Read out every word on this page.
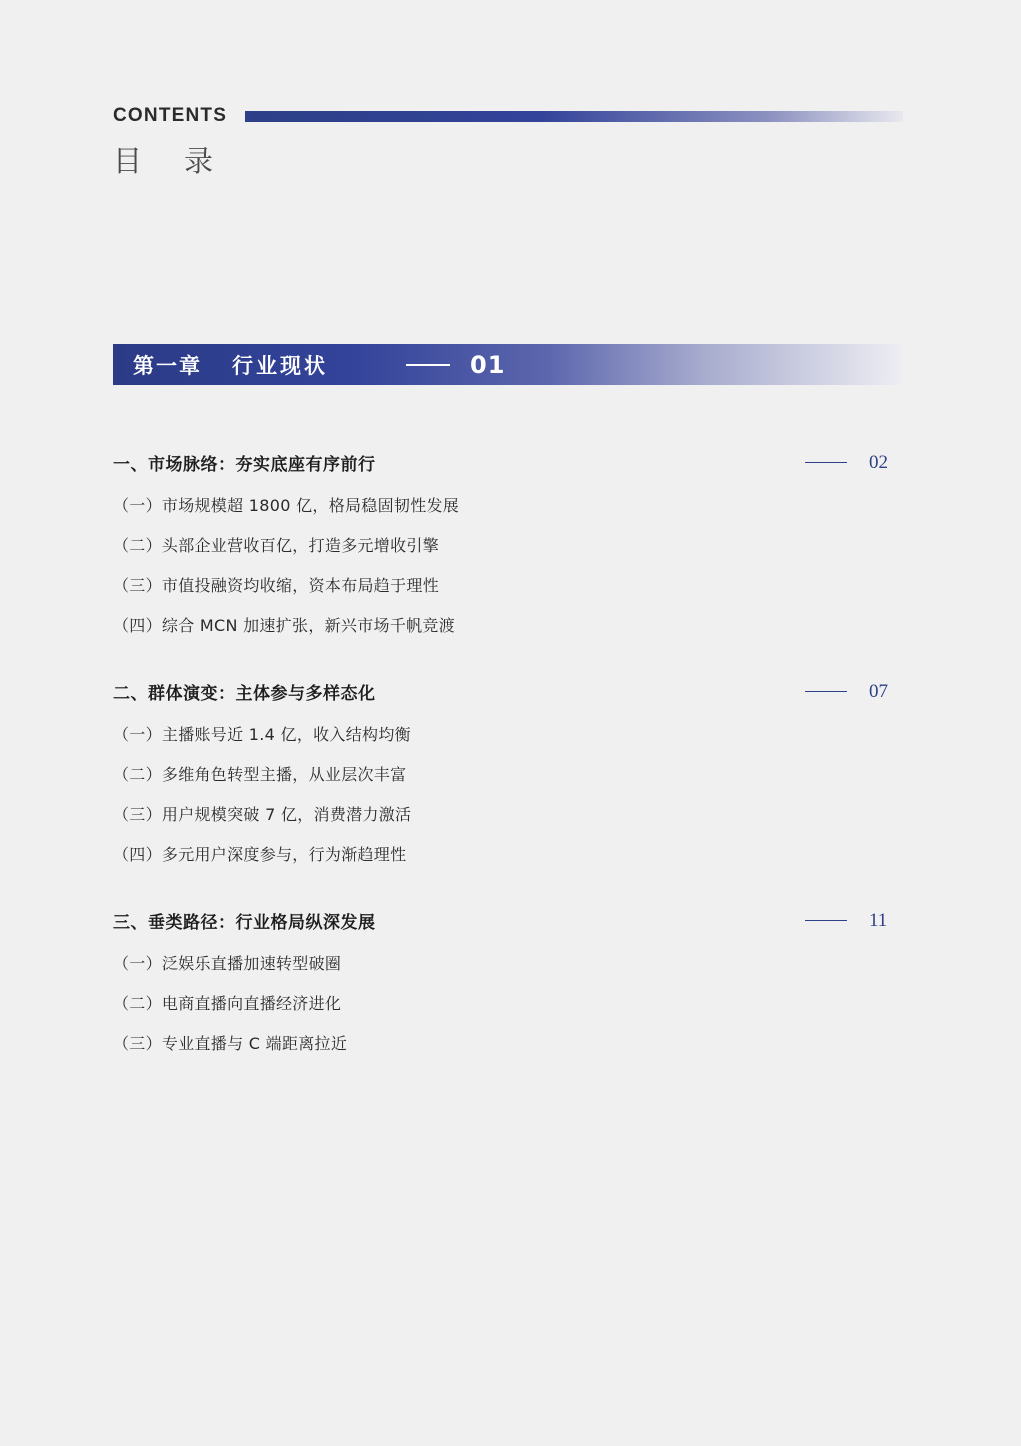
CONTENTS
目录
第一章 行业现状	01
一、市场脉络：夯实底座有序前行	02
（一）市场规模超 1800 亿，格局稳固韧性发展
（二）头部企业营收百亿，打造多元增收引擎
（三）市值投融资均收缩，资本布局趋于理性
（四）综合 MCN 加速扩张，新兴市场千帆竞渡
二、群体演变：主体参与多样态化	07
（一）主播账号近 1.4 亿，收入结构均衡
（二）多维角色转型主播，从业层次丰富
（三）用户规模突破 7 亿，消费潜力激活
（四）多元用户深度参与，行为渐趋理性
三、垂类路径：行业格局纵深发展	11
（一）泛娱乐直播加速转型破圈
（二）电商直播向直播经济进化
（三）专业直播与 C 端距离拉近
